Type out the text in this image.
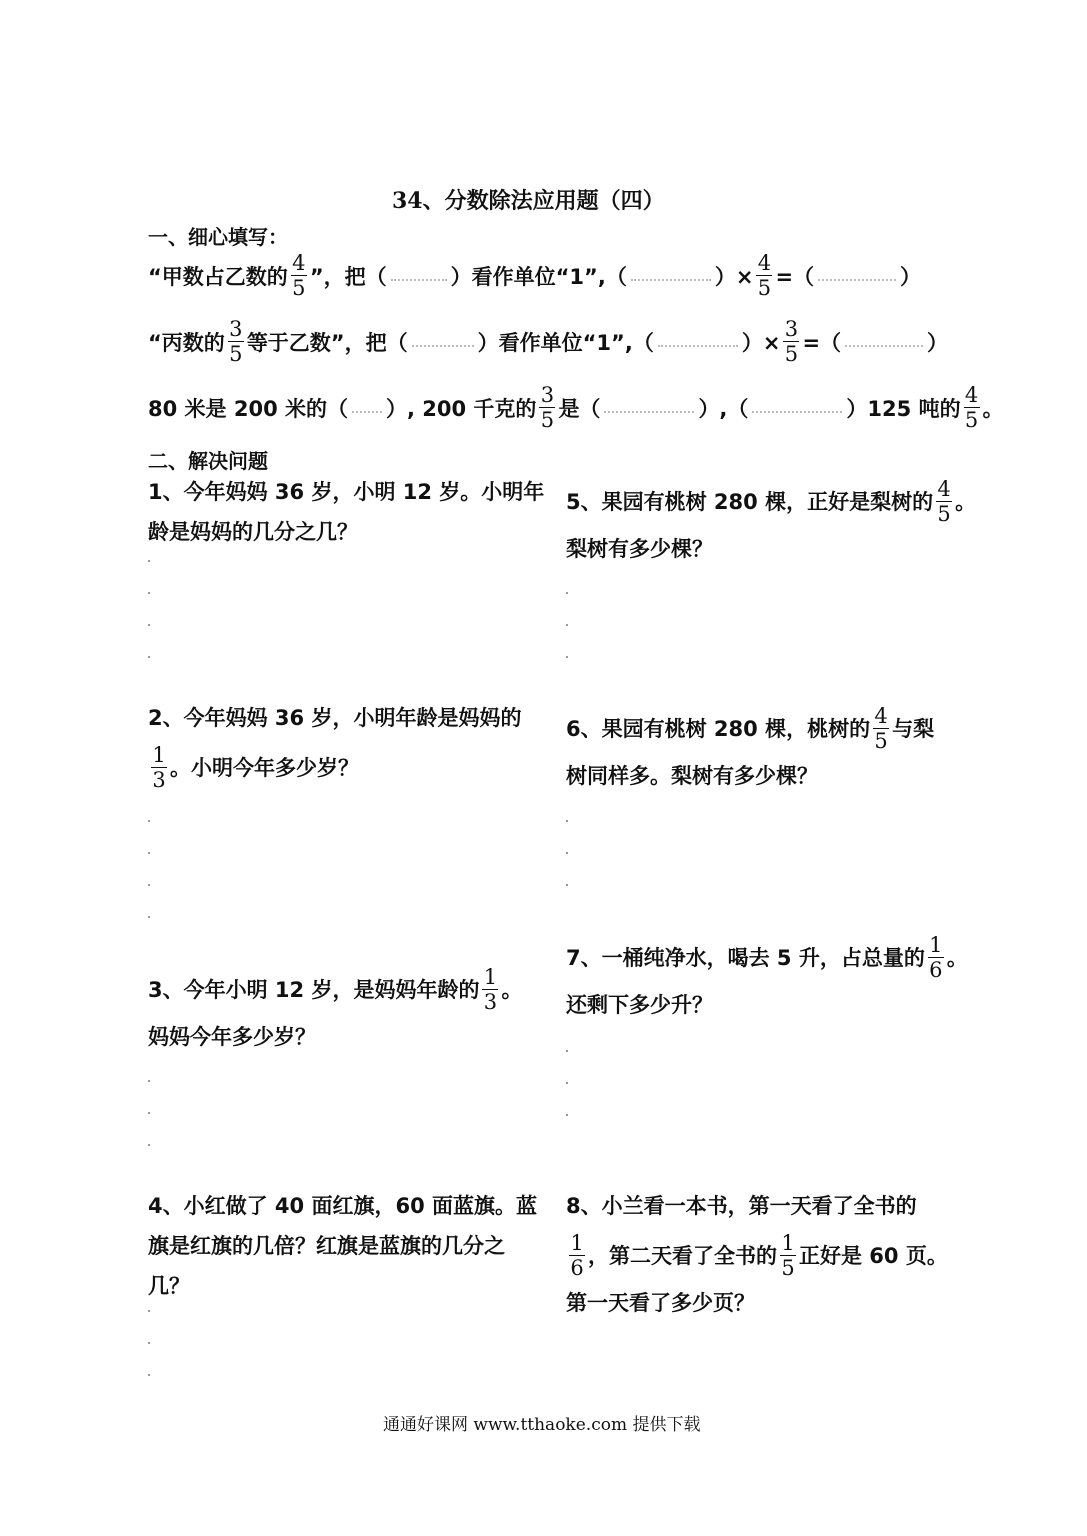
34、分数除法应用题（四）
一、细心填写：
“甲数占乙数的 $\frac{4}{5}$ ”，把（	）看作单位“1”,（	）× $\frac{4}{5}$ =（	）
“丙数的 $\frac{3}{5}$ 等于乙数”，把（	）看作单位“1”,（	）× $\frac{3}{5}$ =（	）
80 米是 200 米的（ ）, 200 千克的 $\frac{3}{5}$ 是（	）,（	）125 吨的 $\frac{4}{5}$ 。
二、解决问题
1、今年妈妈 36 岁，小明 12 岁。小明年
龄是妈妈的几分之几？
2、今年妈妈 36 岁，小明年龄是妈妈的
$\frac{1}{3}$ 。小明今年多少岁？
3、今年小明 12 岁，是妈妈年龄的 $\frac{1}{3}$ 。
妈妈今年多少岁？
4、小红做了 40 面红旗，60 面蓝旗。蓝
旗是红旗的几倍？红旗是蓝旗的几分之
几？
5、果园有桃树 280 棵，正好是梨树的 $\frac{4}{5}$ 。
梨树有多少棵？
6、果园有桃树 280 棵，桃树的 $\frac{4}{5}$ 与梨
树同样多。梨树有多少棵？
7、一桶纯净水，喝去 5 升，占总量的 $\frac{1}{6}$ 。
还剩下多少升？
8、小兰看一本书，第一天看了全书的
$\frac{1}{6}$ ，第二天看了全书的 $\frac{1}{5}$ 正好是 60 页。
第一天看了多少页？
通通好课网 www.tthaoke.com 提供下载
